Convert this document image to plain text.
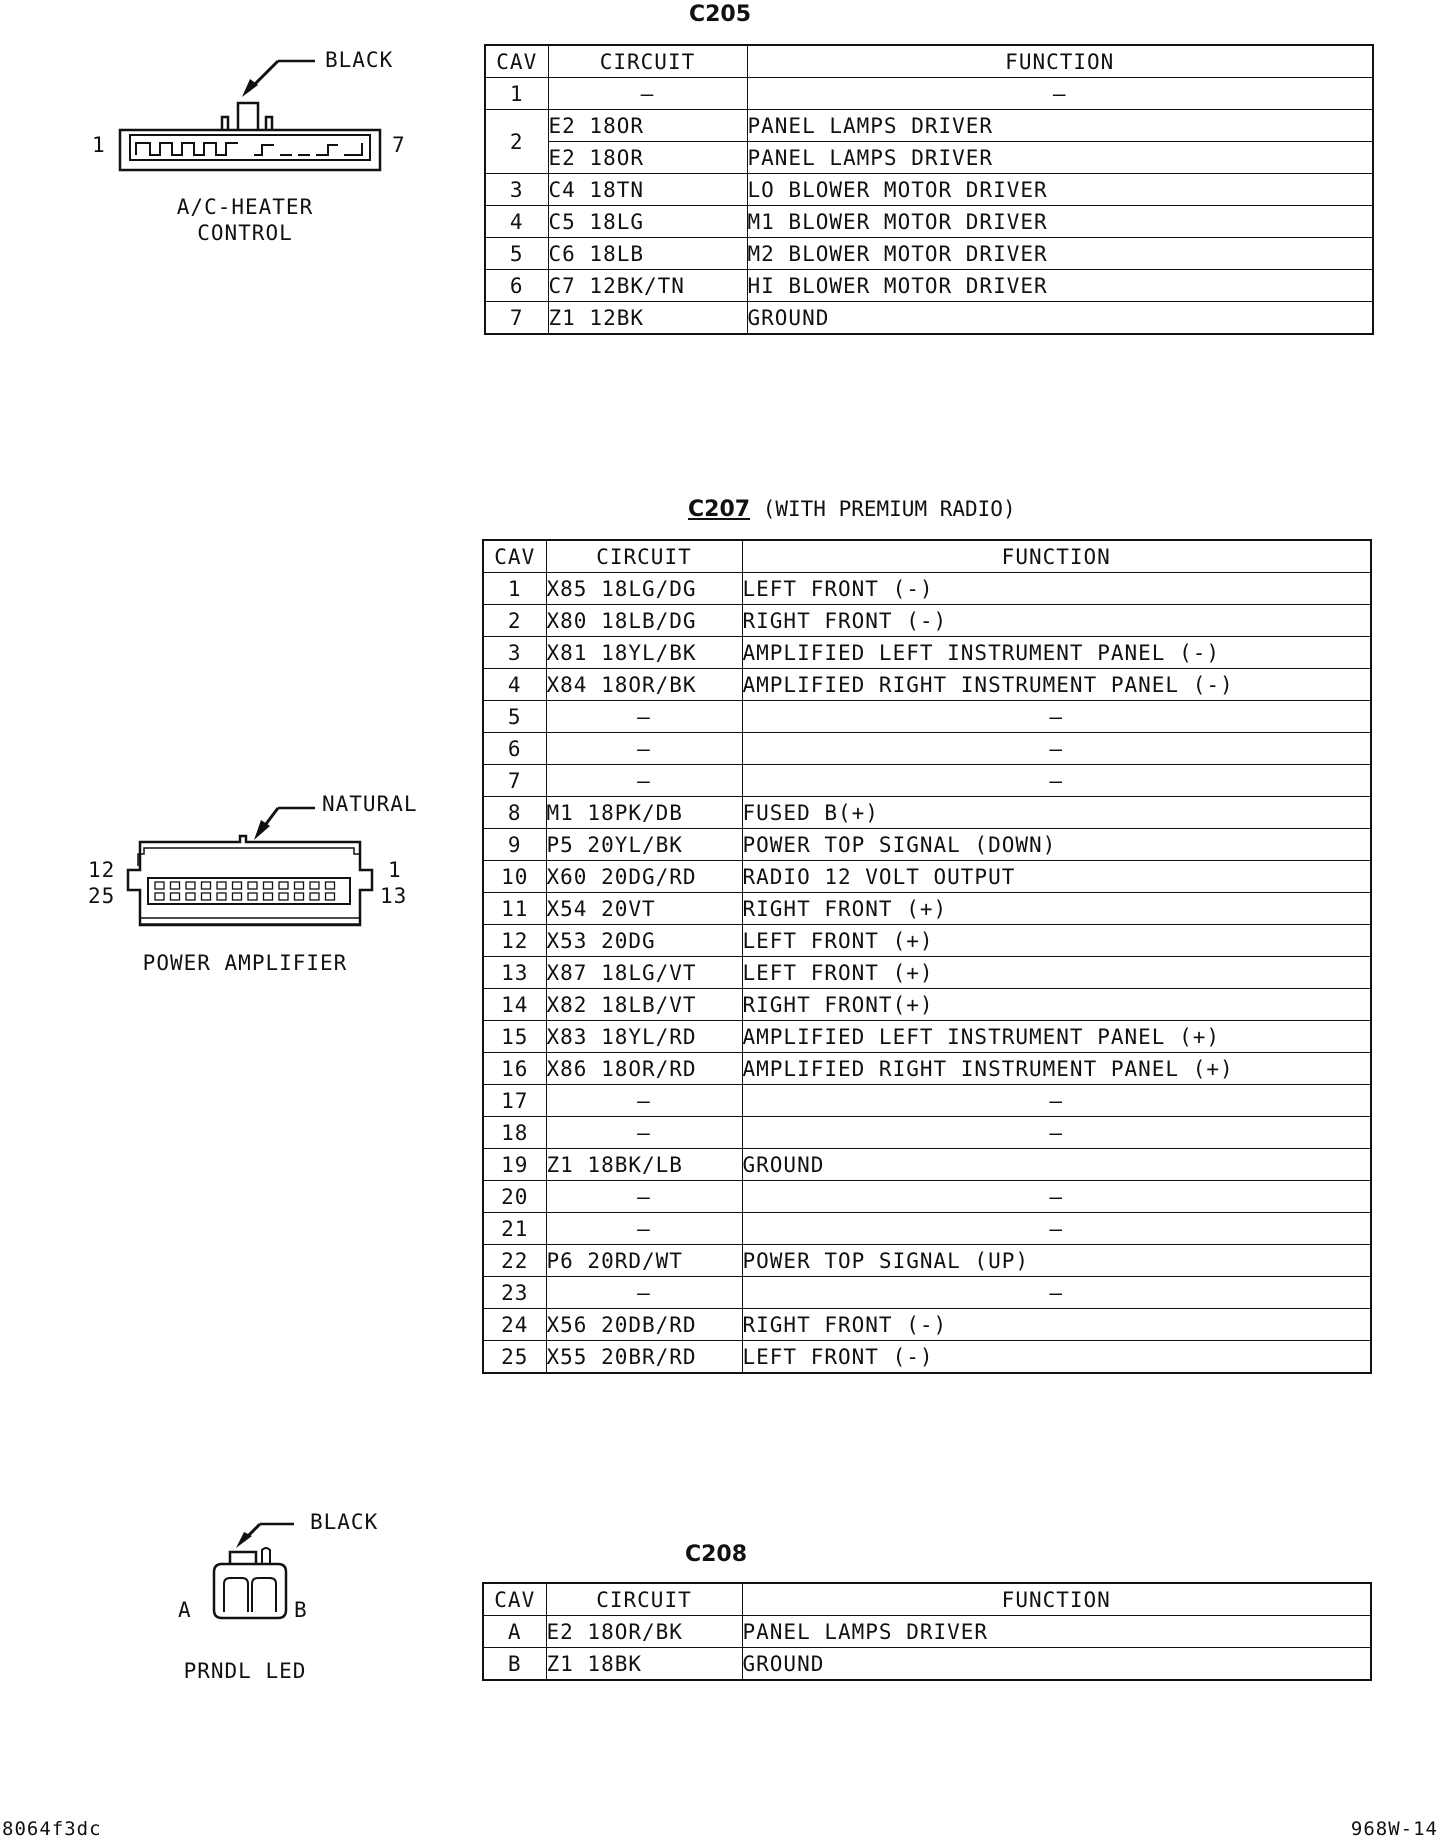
C205
CAV	CIRCUIT	FUNCTION
1	–	–
2	E2 18OR	PANEL LAMPS DRIVER
	E2 18OR	PANEL LAMPS DRIVER
3	C4 18TN	LO BLOWER MOTOR DRIVER
4	C5 18LG	M1 BLOWER MOTOR DRIVER
5	C6 18LB	M2 BLOWER MOTOR DRIVER
6	C7 12BK/TN	HI BLOWER MOTOR DRIVER
7	Z1 12BK	GROUND
BLACK
1	7
A/C-HEATER
CONTROL
C207 (WITH PREMIUM RADIO)
CAV	CIRCUIT	FUNCTION
1	X85 18LG/DG	LEFT FRONT (-)
2	X80 18LB/DG	RIGHT FRONT (-)
3	X81 18YL/BK	AMPLIFIED LEFT INSTRUMENT PANEL (-)
4	X84 18OR/BK	AMPLIFIED RIGHT INSTRUMENT PANEL (-)
5	–	–
6	–	–
7	–	–
8	M1 18PK/DB	FUSED B(+)
9	P5 20YL/BK	POWER TOP SIGNAL (DOWN)
10	X60 20DG/RD	RADIO 12 VOLT OUTPUT
11	X54 20VT	RIGHT FRONT (+)
12	X53 20DG	LEFT FRONT (+)
13	X87 18LG/VT	LEFT FRONT (+)
14	X82 18LB/VT	RIGHT FRONT(+)
15	X83 18YL/RD	AMPLIFIED LEFT INSTRUMENT PANEL (+)
16	X86 18OR/RD	AMPLIFIED RIGHT INSTRUMENT PANEL (+)
17	–	–
18	–	–
19	Z1 18BK/LB	GROUND
20	–	–
21	–	–
22	P6 20RD/WT	POWER TOP SIGNAL (UP)
23	–	–
24	X56 20DB/RD	RIGHT FRONT (-)
25	X55 20BR/RD	LEFT FRONT (-)
NATURAL
12
25
1
13
POWER AMPLIFIER
C208
CAV	CIRCUIT	FUNCTION
A	E2 18OR/BK	PANEL LAMPS DRIVER
B	Z1 18BK	GROUND
BLACK
A	B
PRNDL LED
8064f3dc	968W-14
